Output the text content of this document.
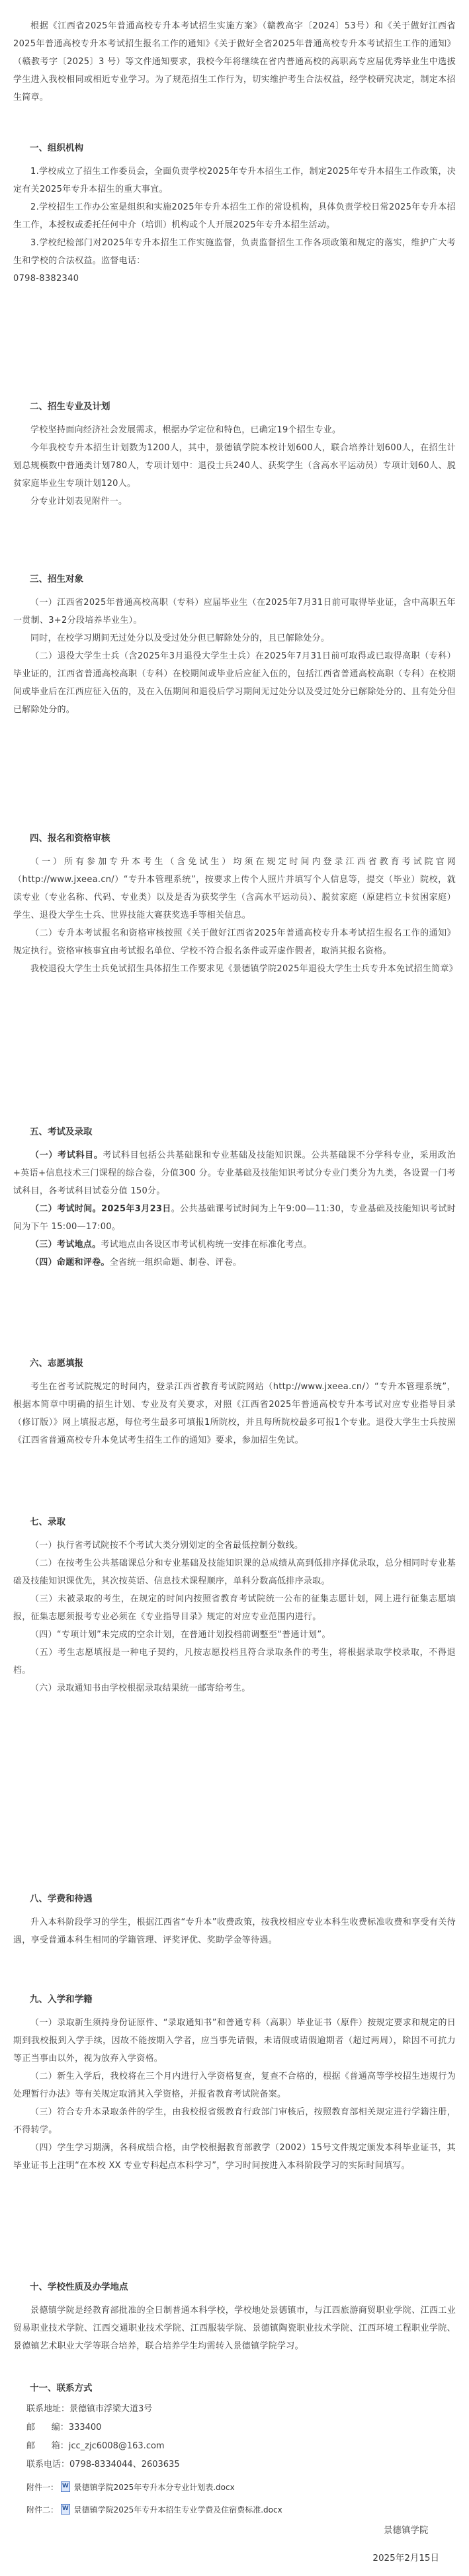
根据《江西省2025年普通高校专升本考试招生实施方案》（赣教高字〔2024〕53号）和《关于做好江西省2025年普通高校专升本考试招生报名工作的通知》《关于做好全省2025年普通高校专升本考试招生工作的通知》（赣教考字〔2025〕3 号）等文件通知要求，我校今年将继续在省内普通高校的高职高专应届优秀毕业生中选拔学生进入我校相同或相近专业学习。为了规范招生工作行为，切实维护考生合法权益，经学校研究决定，制定本招生简章。

一、组织机构

1.学校成立了招生工作委员会，全面负责学校2025年专升本招生工作，制定2025年专升本招生工作政策，决定有关2025年专升本招生的重大事宜。

2.学校招生工作办公室是组织和实施2025年专升本招生工作的常设机构，具体负责学校日常2025年专升本招生工作，本授权或委托任何中介（培训）机构或个人开展2025年专升本招生活动。

3.学校纪检部门对2025年专升本招生工作实施监督，负责监督招生工作各项政策和规定的落实，维护广大考生和学校的合法权益。监督电话：

0798-8382340

二、招生专业及计划

学校坚持面向经济社会发展需求，根据办学定位和特色，已确定19个招生专业。

今年我校专升本招生计划数为1200人，其中，景德镇学院本校计划600人，联合培养计划600人，在招生计划总规模数中普通类计划780人，专项计划中：退役士兵240人、获奖学生（含高水平运动员）专项计划60人、脱贫家庭毕业生专项计划120人。

分专业计划表见附件一。

三、招生对象

（一）江西省2025年普通高校高职（专科）应届毕业生（在2025年7月31日前可取得毕业证，含中高职五年一贯制、3+2分段培养毕业生）。

同时，在校学习期间无过处分以及受过处分但已解除处分的，且已解除处分。

（二）退役大学生士兵（含2025年3月退役大学生士兵）在2025年7月31日前可取得或已取得高职（专科）毕业证的，江西省普通高校高职（专科）在校期间或毕业后应征入伍的，包括江西省普通高校高职（专科）在校期间或毕业后在江西应征入伍的，及在入伍期间和退役后学习期间无过处分以及受过处分已解除处分的、且有处分但已解除处分的。

四、报名和资格审核

（一）所有参加专升本考生（含免试生）均须在规定时间内登录江西省教育考试院官网（http://www.jxeea.cn/）“专升本管理系统”，按要求上传个人照片并填写个人信息等，提交（毕业）院校，就读专业（专业名称、代码、专业类）以及是否为获奖学生（含高水平运动员）、脱贫家庭（原建档立卡贫困家庭）学生、退役大学生士兵、世界技能大赛获奖选手等相关信息。

（二）专升本考试报名和资格审核按照《关于做好江西省2025年普通高校专升本考试招生报名工作的通知》规定执行。资格审核事宜由考试报名单位、学校不符合报名条件或弄虚作假者，取消其报名资格。

我校退役大学生士兵免试招生具体招生工作要求见《景德镇学院2025年退役大学生士兵专升本免试招生简章》

五、考试及录取

（一）考试科目。考试科目包括公共基础课和专业基础及技能知识课。公共基础课不分学科专业，采用政治+英语+信息技术三门课程的综合卷，分值300 分。专业基础及技能知识考试分专业门类分为九类，各设置一门考试科目，各考试科目试卷分值 150分。

（二）考试时间。2025年3月23日。公共基础课考试时间为上午9:00—11:30，专业基础及技能知识考试时间为下午 15:00—17:00。

（三）考试地点。考试地点由各设区市考试机构统一安排在标准化考点。

（四）命题和评卷。全省统一组织命题、制卷、评卷。

六、志愿填报

考生在省考试院规定的时间内，登录江西省教育考试院网站（http://www.jxeea.cn/）“专升本管理系统”，根据本简章中明确的招生计划、专业及有关要求，对照《江西省2025年普通高校专升本考试对应专业指导目录（修订版）》网上填报志愿，每位考生最多可填报1所院校，并且每所院校最多可报1个专业。退役大学生士兵按照《江西省普通高校专升本免试考生招生工作的通知》要求，参加招生免试。

七、录取

（一）执行省考试院按不个考试大类分别划定的全省最低控制分数线。

（二）在按考生公共基础课总分和专业基础及技能知识课的总成绩从高到低排序择优录取，总分相同时专业基础及技能知识课优先，其次按英语、信息技术课程顺序，单科分数高低排序录取。

（三）未被录取的考生，在规定的时间内按照省教育考试院统一公布的征集志愿计划，网上进行征集志愿填报，征集志愿须报考专业必须在《专业指导目录》规定的对应专业范围内进行。

（四）“专项计划”未完成的空余计划，在普通计划投档前调整至“普通计划”。

（五）考生志愿填报是一种电子契约，凡按志愿投档且符合录取条件的考生，将根据录取学校录取，不得退档。

（六）录取通知书由学校根据录取结果统一邮寄给考生。

八、学费和待遇

升入本科阶段学习的学生，根据江西省“专升本”收费政策，按我校相应专业本科生收费标准收费和享受有关待遇，享受普通本科生相同的学籍管理、评奖评优、奖助学金等待遇。

九、入学和学籍

（一）录取新生须持身份证原件、“录取通知书”和普通专科（高职）毕业证书（原件）按规定要求和规定的日期到我校报到入学手续，因故不能按期入学者，应当事先请假，未请假或请假逾期者（超过两周），除因不可抗力等正当事由以外，视为放弃入学资格。

（二）新生入学后，我校将在三个月内进行入学资格复查，复查不合格的，根据《普通高等学校招生违规行为处理暂行办法》等有关规定取消其入学资格，并报省教育考试院备案。

（三）符合专升本录取条件的学生，由我校报省级教育行政部门审核后，按照教育部相关规定进行学籍注册，不得转学。

（四）学生学习期满，各科成绩合格，由学校根据教育部教学（2002）15号文件规定颁发本科毕业证书，其毕业证书上注明“在本校 XX 专业专科起点本科学习”，学习时间按进入本科阶段学习的实际时间填写。

十、学校性质及办学地点

景德镇学院是经教育部批准的全日制普通本科学校，学校地处景德镇市，与江西旅游商贸职业学院、江西工业贸易职业技术学院、江西交通职业技术学院、江西服装学院、景德镇陶瓷职业技术学院、江西环境工程职业学院、景德镇艺术职业大学等联合培养，联合培养学生均需转入景德镇学院学习。

十一、联系方式
联系地址：景德镇市浮梁大道3号
邮      编：333400
邮      箱：jcc_zjc6008@163.com
联系电话：0798-8334044、2603635
附件一： W 景德镇学院2025年专升本分专业计划表.docx
附件二： W 景德镇学院2025年专升本招生专业学费及住宿费标准.docx
景德镇学院
2025年2月15日
